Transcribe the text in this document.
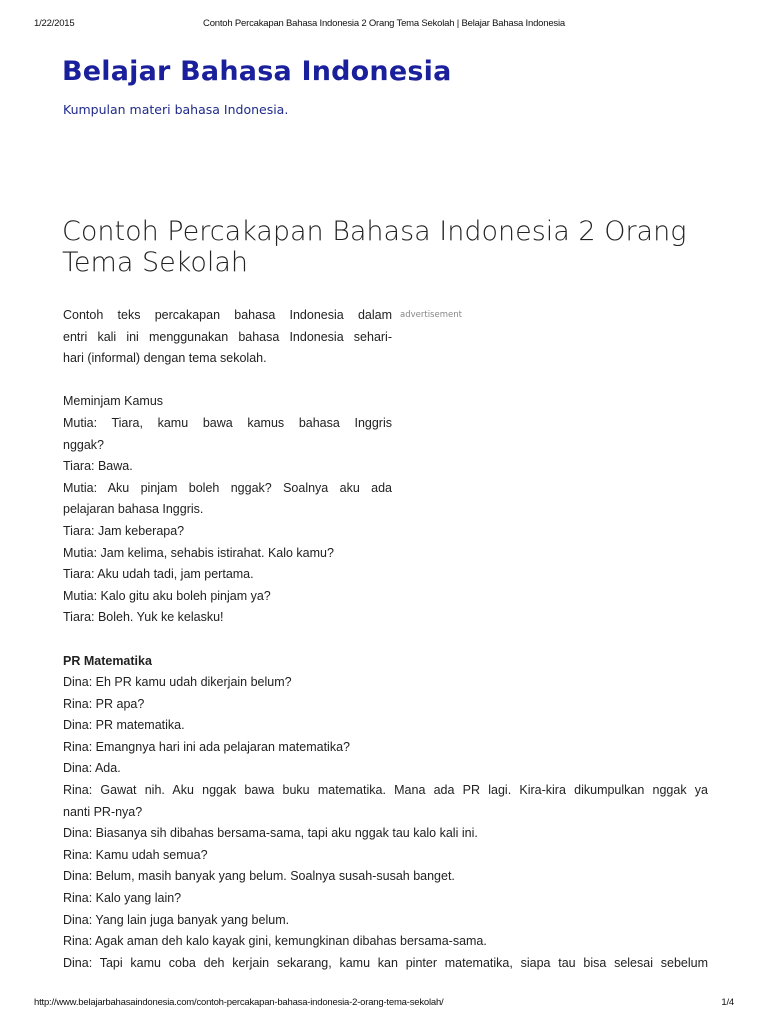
1/22/2015	Contoh Percakapan Bahasa Indonesia 2 Orang Tema Sekolah | Belajar Bahasa Indonesia
Belajar Bahasa Indonesia
Kumpulan materi bahasa Indonesia.
Contoh Percakapan Bahasa Indonesia 2 Orang Tema Sekolah
advertisement
Contoh teks percakapan bahasa Indonesia dalam
entri kali ini menggunakan bahasa Indonesia sehari-
hari (informal) dengan tema sekolah.
Meminjam Kamus
Mutia: Tiara, kamu bawa kamus bahasa Inggris
nggak?
Tiara: Bawa.
Mutia: Aku pinjam boleh nggak? Soalnya aku ada
pelajaran bahasa Inggris.
Tiara: Jam keberapa?
Mutia: Jam kelima, sehabis istirahat. Kalo kamu?
Tiara: Aku udah tadi, jam pertama.
Mutia: Kalo gitu aku boleh pinjam ya?
Tiara: Boleh. Yuk ke kelasku!
PR Matematika
Dina: Eh PR kamu udah dikerjain belum?
Rina: PR apa?
Dina: PR matematika.
Rina: Emangnya hari ini ada pelajaran matematika?
Dina: Ada.
Rina: Gawat nih. Aku nggak bawa buku matematika. Mana ada PR lagi. Kira-kira dikumpulkan nggak ya
nanti PR-nya?
Dina: Biasanya sih dibahas bersama-sama, tapi aku nggak tau kalo kali ini.
Rina: Kamu udah semua?
Dina: Belum, masih banyak yang belum. Soalnya susah-susah banget.
Rina: Kalo yang lain?
Dina: Yang lain juga banyak yang belum.
Rina: Agak aman deh kalo kayak gini, kemungkinan dibahas bersama-sama.
Dina: Tapi kamu coba deh kerjain sekarang, kamu kan pinter matematika, siapa tau bisa selesai sebelum
http://www.belajarbahasaindonesia.com/contoh-percakapan-bahasa-indonesia-2-orang-tema-sekolah/	1/4
